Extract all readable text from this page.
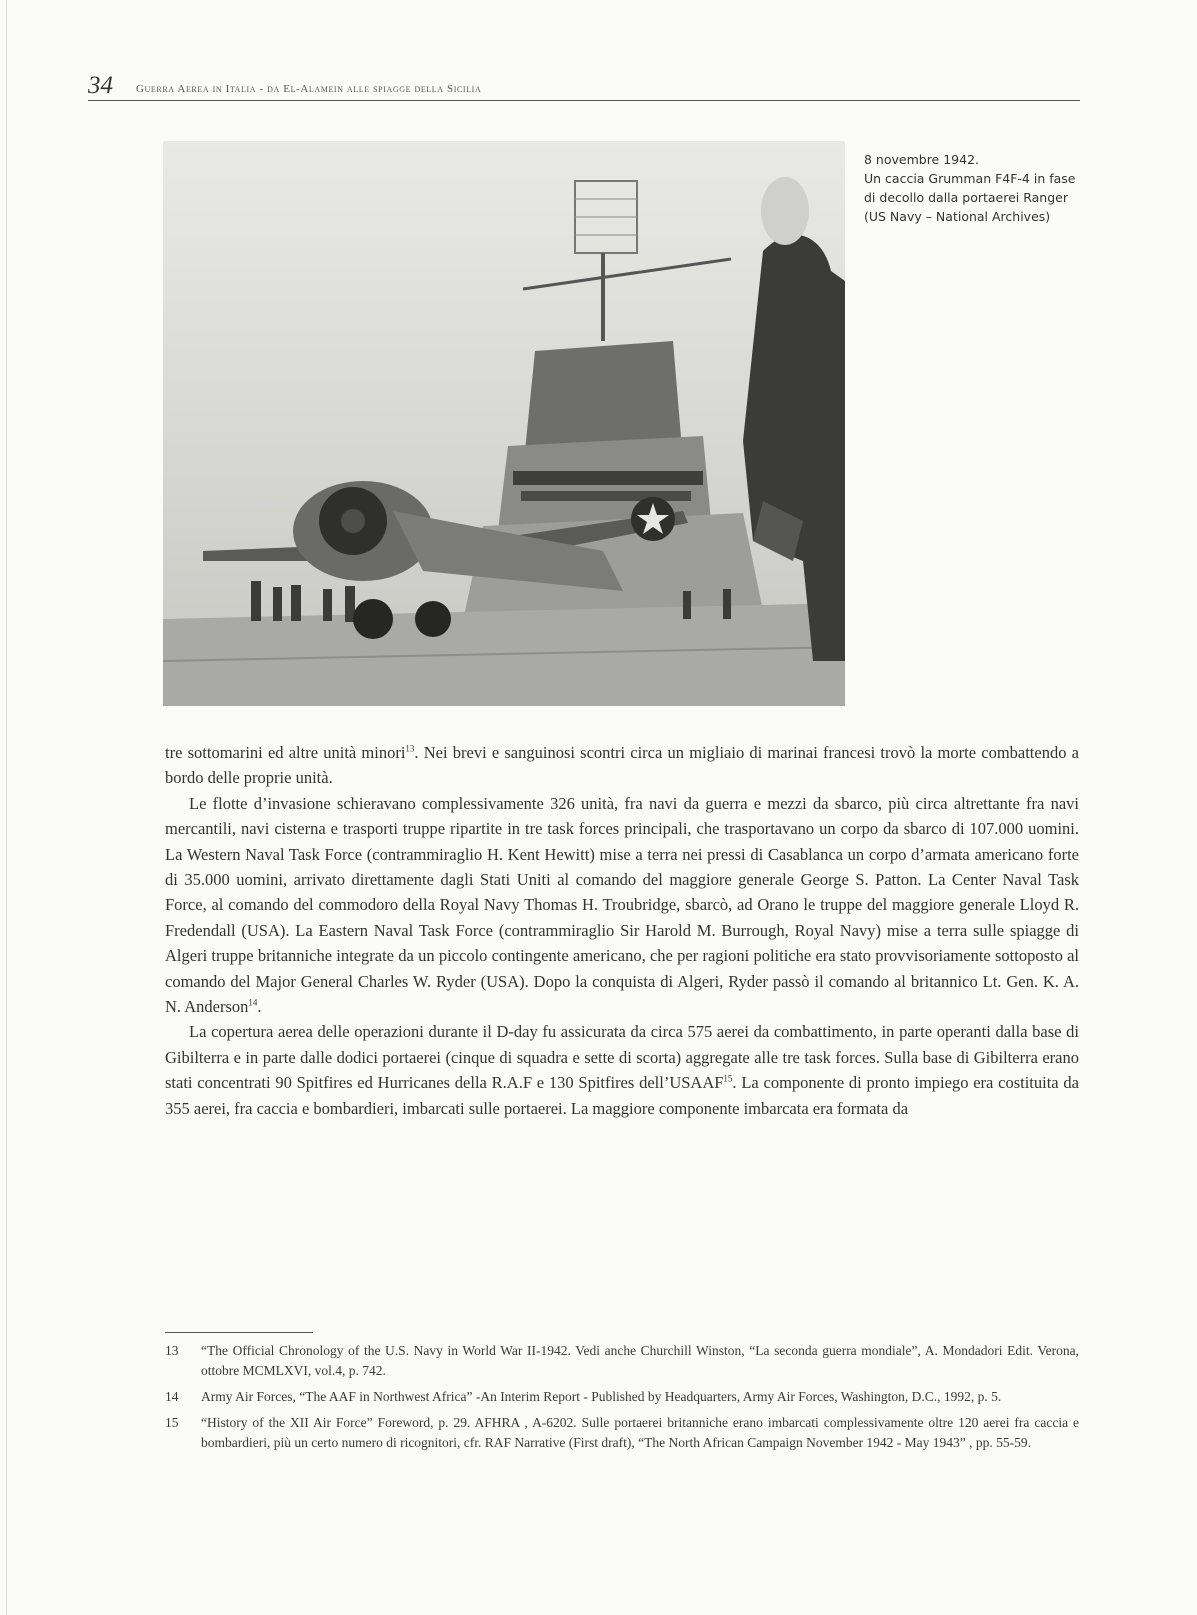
34 Guerra Aerea in Italia - da El-Alamein alle spiagge della Sicilia

8 novembre 1942.
Un caccia Grumman F4F-4 in fase di decollo dalla portaerei Ranger (US Navy – National Archives)

tre sottomarini ed altre unità minori$^{13}$. Nei brevi e sanguinosi scontri circa un migliaio di marinai francesi trovò la morte combattendo a bordo delle proprie unità.

Le flotte d’invasione schieravano complessivamente 326 unità, fra navi da guerra e mezzi da sbarco, più circa altrettante fra navi mercantili, navi cisterna e trasporti truppe ripartite in tre task forces principali, che trasportavano un corpo da sbarco di 107.000 uomini. La Western Naval Task Force (contrammiraglio H. Kent Hewitt) mise a terra nei pressi di Casablanca un corpo d’armata americano forte di 35.000 uomini, arrivato direttamente dagli Stati Uniti al comando del maggiore generale George S. Patton. La Center Naval Task Force, al comando del commodoro della Royal Navy Thomas H. Troubridge, sbarcò, ad Orano le truppe del maggiore generale Lloyd R. Fredendall (USA). La Eastern Naval Task Force (contrammiraglio Sir Harold M. Burrough, Royal Navy) mise a terra sulle spiagge di Algeri truppe britanniche integrate da un piccolo contingente americano, che per ragioni politiche era stato provvisoriamente sottoposto al comando del Major General Charles W. Ryder (USA). Dopo la conquista di Algeri, Ryder passò il comando al britannico Lt. Gen. K. A. N. Anderson$^{14}$.

La copertura aerea delle operazioni durante il D-day fu assicurata da circa 575 aerei da combattimento, in parte operanti dalla base di Gibilterra e in parte dalle dodici portaerei (cinque di squadra e sette di scorta) aggregate alle tre task forces. Sulla base di Gibilterra erano stati concentrati 90 Spitfires ed Hurricanes della R.A.F e 130 Spitfires dell’USAAF$^{15}$. La componente di pronto impiego era costituita da 355 aerei, fra caccia e bombardieri, imbarcati sulle portaerei. La maggiore componente imbarcata era formata da

13 “The Official Chronology of the U.S. Navy in World War II-1942. Vedi anche Churchill Winston, “La seconda guerra mondiale”, A. Mondadori Edit. Verona, ottobre MCMLXVI, vol.4, p. 742.
14 Army Air Forces, “The AAF in Northwest Africa” -An Interim Report - Published by Headquarters, Army Air Forces, Washington, D.C., 1992, p. 5.
15 “History of the XII Air Force” Foreword, p. 29. AFHRA , A-6202. Sulle portaerei britanniche erano imbarcati complessivamente oltre 120 aerei fra caccia e bombardieri, più un certo numero di ricognitori, cfr. RAF Narrative (First draft), “The North African Campaign November 1942 - May 1943” , pp. 55-59.
